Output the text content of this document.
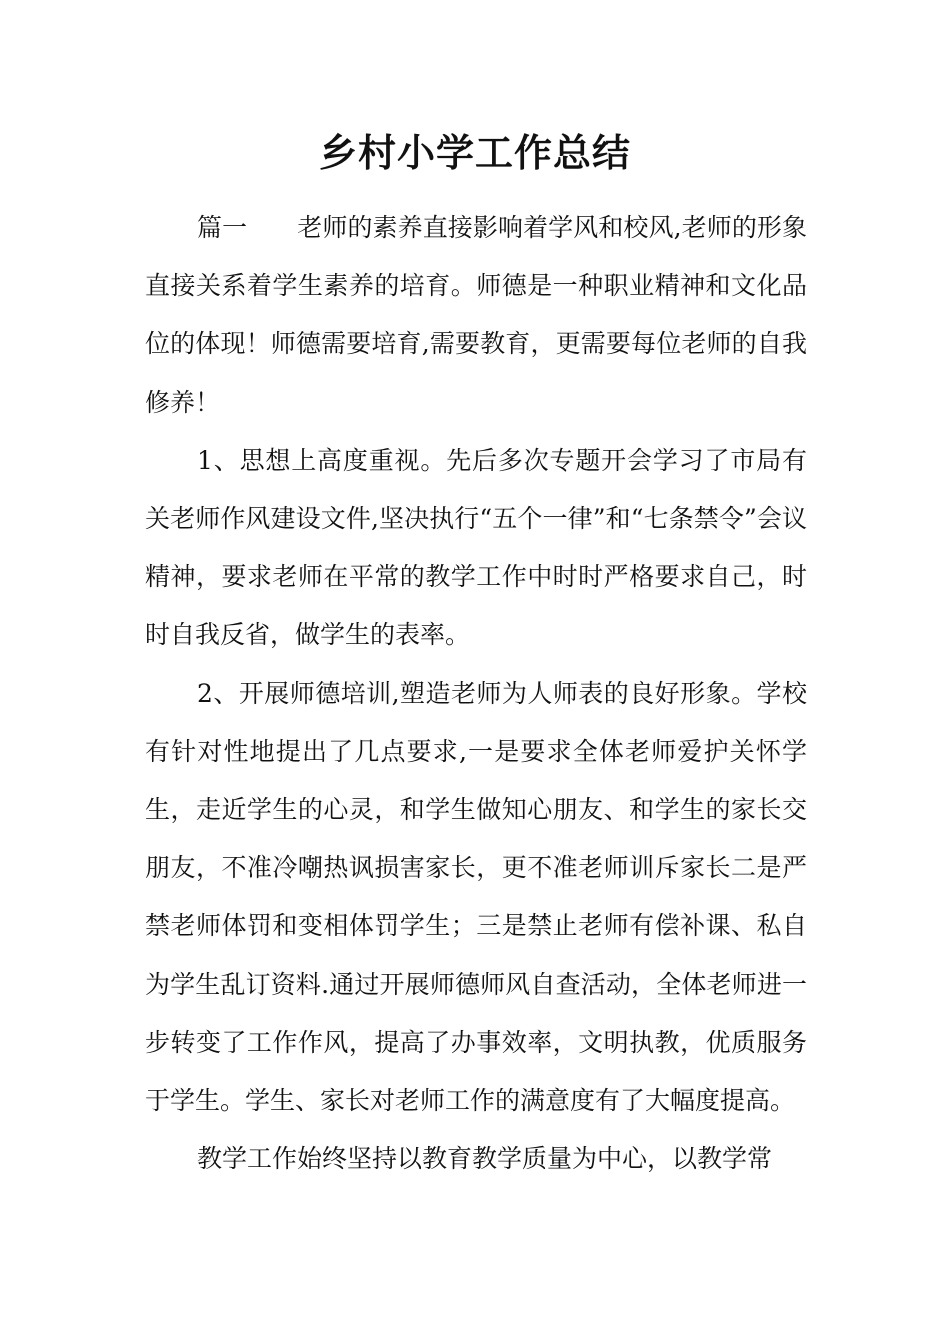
乡村小学工作总结

篇一 老师的素养直接影响着学风和校风,老师的形象直接关系着学生素养的培育。师德是一种职业精神和文化品位的体现！师德需要培育,需要教育，更需要每位老师的自我修养！

1、思想上高度重视。先后多次专题开会学习了市局有关老师作风建设文件,坚决执行“五个一律”和“七条禁令”会议精神，要求老师在平常的教学工作中时时严格要求自己，时时自我反省，做学生的表率。

2、开展师德培训,塑造老师为人师表的良好形象。学校有针对性地提出了几点要求,一是要求全体老师爱护关怀学生，走近学生的心灵，和学生做知心朋友、和学生的家长交朋友，不准冷嘲热讽损害家长，更不准老师训斥家长二是严禁老师体罚和变相体罚学生；三是禁止老师有偿补课、私自为学生乱订资料.通过开展师德师风自查活动，全体老师进一步转变了工作作风，提高了办事效率，文明执教，优质服务于学生。学生、家长对老师工作的满意度有了大幅度提高。

教学工作始终坚持以教育教学质量为中心，以教学常
